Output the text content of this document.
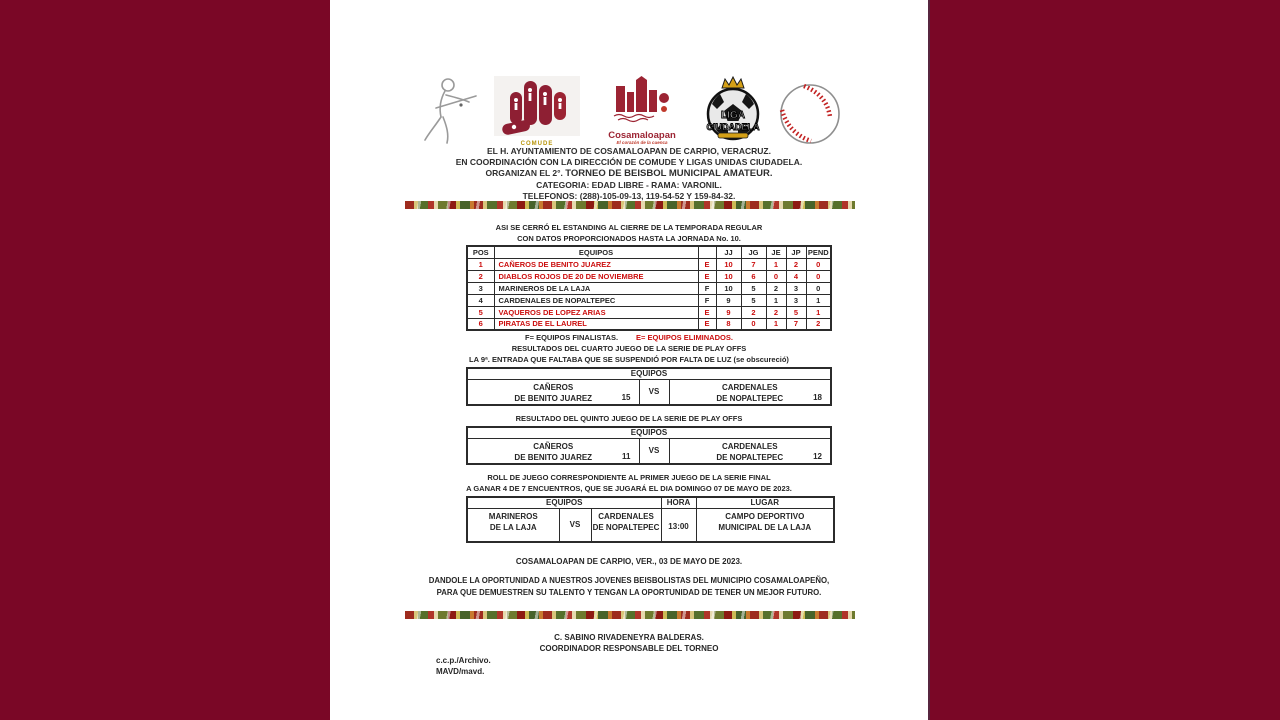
COMUDE
Cosamaloapan
El corazón de la cuenca
LIGA
CIUDADELA
EL H. AYUNTAMIENTO DE COSAMALOAPAN DE CARPIO, VERACRUZ.
EN COORDINACIÓN CON LA DIRECCIÓN DE COMUDE Y LIGAS UNIDAS CIUDADELA.
ORGANIZAN EL 2°. TORNEO DE BEISBOL MUNICIPAL AMATEUR.
CATEGORIA: EDAD LIBRE - RAMA: VARONIL.
TELEFONOS: (288)-105-09-13, 119-54-52 Y 159-84-32.
ASI SE CERRÓ EL ESTANDING AL CIERRE DE LA TEMPORADA REGULAR
CON DATOS PROPORCIONADOS HASTA LA JORNADA No. 10.
POS	EQUIPOS		JJ	JG	JE	JP	PEND
1	CAÑEROS DE BENITO JUAREZ	E	10	7	1	2	0
2	DIABLOS ROJOS DE 20 DE NOVIEMBRE	E	10	6	0	4	0
3	MARINEROS DE LA LAJA	F	10	5	2	3	0
4	CARDENALES DE NOPALTEPEC	F	9	5	1	3	1
5	VAQUEROS DE LOPEZ ARIAS	E	9	2	2	5	1
6	PIRATAS DE EL LAUREL	E	8	0	1	7	2
F= EQUIPOS FINALISTAS. E= EQUIPOS ELIMINADOS.
RESULTADOS DEL CUARTO JUEGO DE LA SERIE DE PLAY OFFS
LA 9ª. ENTRADA QUE FALTABA QUE SE SUSPENDIÓ POR FALTA DE LUZ (se obscureció)
EQUIPOS

CAÑEROS
DE BENITO JUAREZ	15
	VS	
CARDENALES
DE NOPALTEPEC	18
RESULTADO DEL QUINTO JUEGO DE LA SERIE DE PLAY OFFS
EQUIPOS

CAÑEROS
DE BENITO JUAREZ	11
	VS	
CARDENALES
DE NOPALTEPEC	12
ROLL DE JUEGO CORRESPONDIENTE AL PRIMER JUEGO DE LA SERIE FINAL
A GANAR 4 DE 7 ENCUENTROS, QUE SE JUGARÁ EL DIA DOMINGO 07 DE MAYO DE 2023.
EQUIPOS			HORA	LUGAR

MARINEROS
DE LA LAJA	VS	
CARDENALES
DE NOPALTEPEC	13:00	
CAMPO DEPORTIVO
MUNICIPAL DE LA LAJA
COSAMALOAPAN DE CARPIO, VER., 03 DE MAYO DE 2023.
DANDOLE LA OPORTUNIDAD A NUESTROS JOVENES BEISBOLISTAS DEL MUNICIPIO COSAMALOAPEÑO,
PARA QUE DEMUESTREN SU TALENTO Y TENGAN LA OPORTUNIDAD DE TENER UN MEJOR FUTURO.
C. SABINO RIVADENEYRA BALDERAS.
COORDINADOR RESPONSABLE DEL TORNEO
c.c.p./Archivo.
MAVD/mavd.
